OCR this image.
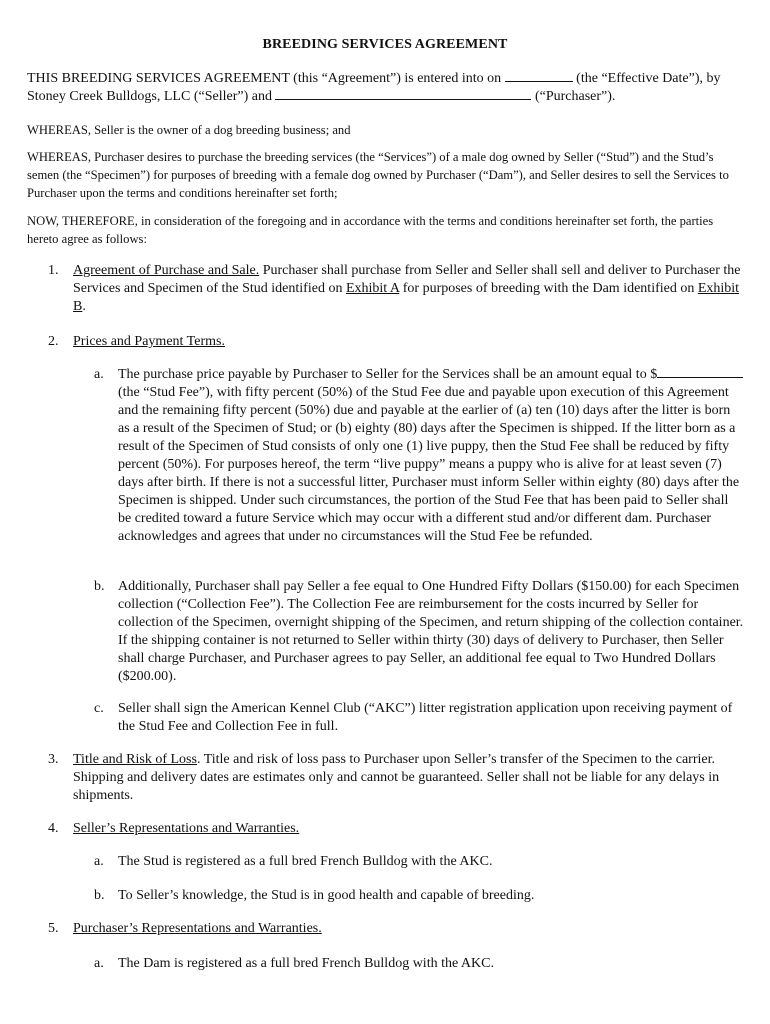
BREEDING SERVICES AGREEMENT
THIS BREEDING SERVICES AGREEMENT (this “Agreement”) is entered into on	(the “Effective Date”), by Stoney Creek Bulldogs, LLC (“Seller”) and	(“Purchaser”).
WHEREAS, Seller is the owner of a dog breeding business; and
WHEREAS, Purchaser desires to purchase the breeding services (the “Services”) of a male dog owned by Seller (“Stud”) and the Stud’s semen (the “Specimen”) for purposes of breeding with a female dog owned by Purchaser (“Dam”), and Seller desires to sell the Services to Purchaser upon the terms and conditions hereinafter set forth;
NOW, THEREFORE, in consideration of the foregoing and in accordance with the terms and conditions hereinafter set forth, the parties hereto agree as follows:
1.	Agreement of Purchase and Sale. Purchaser shall purchase from Seller and Seller shall sell and deliver to Purchaser the Services and Specimen of the Stud identified on Exhibit A for purposes of breeding with the Dam identified on Exhibit B.
2.	Prices and Payment Terms.
a.	The purchase price payable by Purchaser to Seller for the Services shall be an amount equal to $ (the “Stud Fee”), with fifty percent (50%) of the Stud Fee due and payable upon execution of this Agreement and the remaining fifty percent (50%) due and payable at the earlier of (a) ten (10) days after the litter is born as a result of the Specimen of Stud; or (b) eighty (80) days after the Specimen is shipped. If the litter born as a result of the Specimen of Stud consists of only one (1) live puppy, then the Stud Fee shall be reduced by fifty percent (50%). For purposes hereof, the term “live puppy” means a puppy who is alive for at least seven (7) days after birth. If there is not a successful litter, Purchaser must inform Seller within eighty (80) days after the Specimen is shipped. Under such circumstances, the portion of the Stud Fee that has been paid to Seller shall be credited toward a future Service which may occur with a different stud and/or different dam. Purchaser acknowledges and agrees that under no circumstances will the Stud Fee be refunded.
b. Additionally, Purchaser shall pay Seller a fee equal to One Hundred Fifty Dollars ($150.00) for each Specimen collection (“Collection Fee”). The Collection Fee are reimbursement for the costs incurred by Seller for collection of the Specimen, overnight shipping of the Specimen, and return shipping of the collection container. If the shipping container is not returned to Seller within thirty (30) days of delivery to Purchaser, then Seller shall charge Purchaser, and Purchaser agrees to pay Seller, an additional fee equal to Two Hundred Dollars ($200.00).
c.	Seller shall sign the American Kennel Club (“AKC”) litter registration application upon receiving payment of the Stud Fee and Collection Fee in full.
3.	Title and Risk of Loss. Title and risk of loss pass to Purchaser upon Seller’s transfer of the Specimen to the carrier. Shipping and delivery dates are estimates only and cannot be guaranteed. Seller shall not be liable for any delays in shipments.
4.	Seller’s Representations and Warranties.
a.	The Stud is registered as a full bred French Bulldog with the AKC.
b. To Seller’s knowledge, the Stud is in good health and capable of breeding.
5.	Purchaser’s Representations and Warranties.
a.	The Dam is registered as a full bred French Bulldog with the AKC.
